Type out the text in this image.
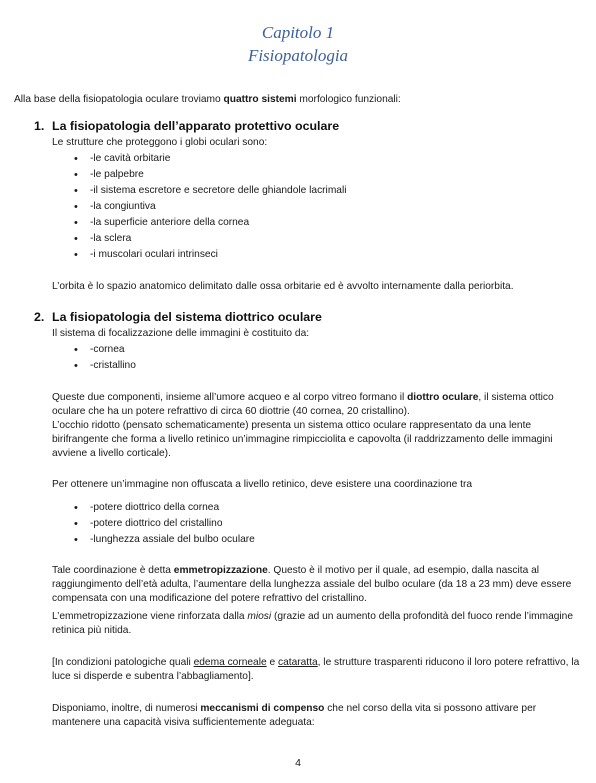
Capitolo 1
Fisiopatologia
Alla base della fisiopatologia oculare troviamo quattro sistemi morfologico funzionali:
1. La fisiopatologia dell’apparato protettivo oculare
Le strutture che proteggono i globi oculari sono:
• -le cavità orbitarie
• -le palpebre
• -il sistema escretore e secretore delle ghiandole lacrimali
• -la congiuntiva
• -la superficie anteriore della cornea
• -la sclera
• -i muscolari oculari intrinseci
L’orbita è lo spazio anatomico delimitato dalle ossa orbitarie ed è avvolto internamente dalla periorbita.
2. La fisiopatologia del sistema diottrico oculare
Il sistema di focalizzazione delle immagini è costituito da:
• -cornea
• -cristallino
Queste due componenti, insieme all’umore acqueo e al corpo vitreo formano il diottro oculare, il sistema ottico oculare che ha un potere refrattivo di circa 60 diottrie (40 cornea, 20 cristallino).
L’occhio ridotto (pensato schematicamente) presenta un sistema ottico oculare rappresentato da una lente birifrangente che forma a livello retinico un’immagine rimpicciolita e capovolta (il raddrizzamento delle immagini avviene a livello corticale).
Per ottenere un’immagine non offuscata a livello retinico, deve esistere una coordinazione tra
• -potere diottrico della cornea
• -potere diottrico del cristallino
• -lunghezza assiale del bulbo oculare
Tale coordinazione è detta emmetropizzazione. Questo è il motivo per il quale, ad esempio, dalla nascita al raggiungimento dell’età adulta, l’aumentare della lunghezza assiale del bulbo oculare (da 18 a 23 mm) deve essere compensata con una modificazione del potere refrattivo del cristallino.
L’emmetropizzazione viene rinforzata dalla miosi (grazie ad un aumento della profondità del fuoco rende l’immagine retinica più nitida.
[In condizioni patologiche quali edema corneale e cataratta, le strutture trasparenti riducono il loro potere refrattivo, la luce si disperde e subentra l’abbagliamento].
Disponiamo, inoltre, di numerosi meccanismi di compenso che nel corso della vita si possono attivare per mantenere una capacità visiva sufficientemente adeguata:
4
